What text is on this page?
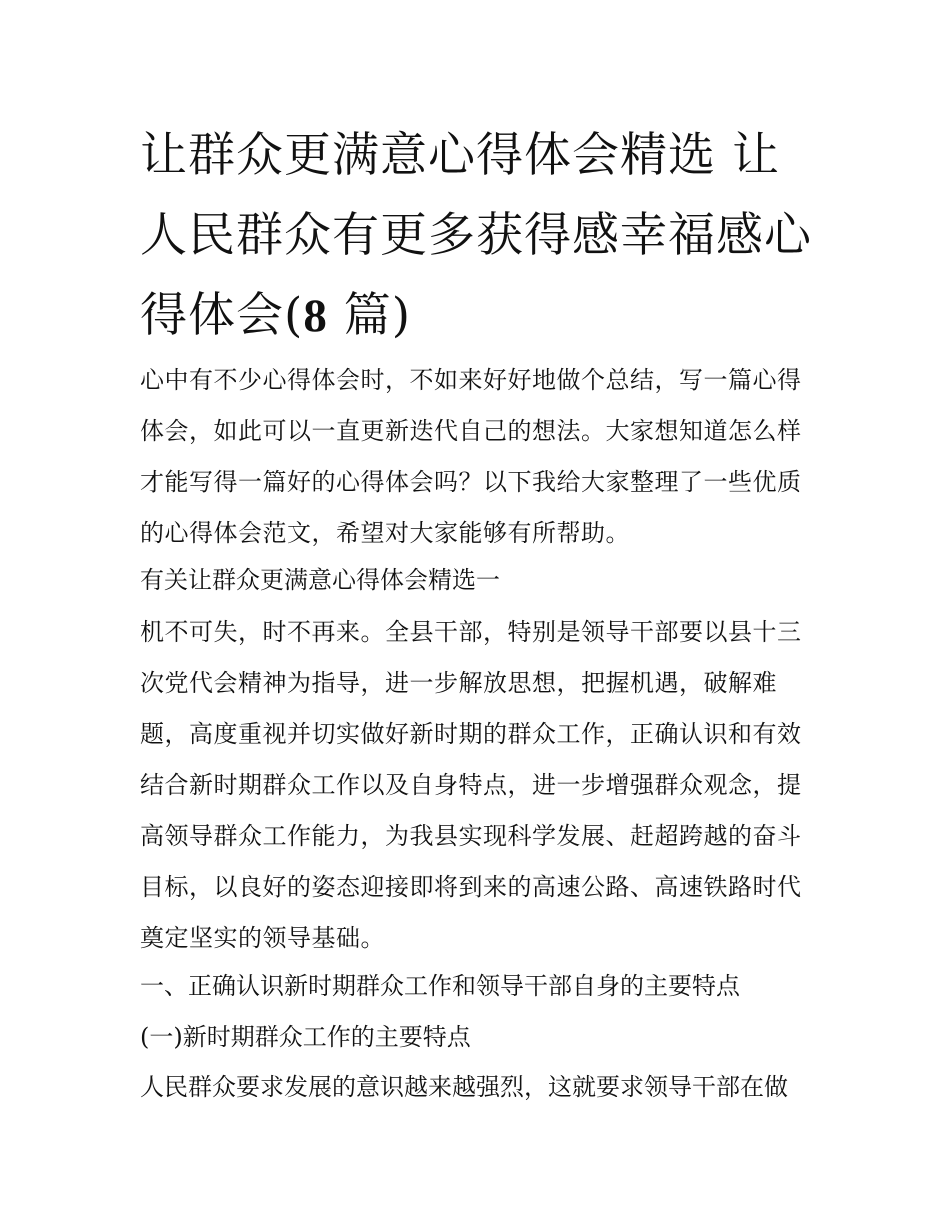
让群众更满意心得体会精选 让人民群众有更多获得感幸福感心得体会(8 篇)

心中有不少心得体会时，不如来好好地做个总结，写一篇心得体会，如此可以一直更新迭代自己的想法。大家想知道怎么样才能写得一篇好的心得体会吗？以下我给大家整理了一些优质的心得体会范文，希望对大家能够有所帮助。

有关让群众更满意心得体会精选一

机不可失，时不再来。全县干部，特别是领导干部要以县十三次党代会精神为指导，进一步解放思想，把握机遇，破解难题，高度重视并切实做好新时期的群众工作，正确认识和有效结合新时期群众工作以及自身特点，进一步增强群众观念，提高领导群众工作能力，为我县实现科学发展、赶超跨越的奋斗目标，以良好的姿态迎接即将到来的高速公路、高速铁路时代奠定坚实的领导基础。

一、正确认识新时期群众工作和领导干部自身的主要特点

(一)新时期群众工作的主要特点

人民群众要求发展的意识越来越强烈，这就要求领导干部在做
